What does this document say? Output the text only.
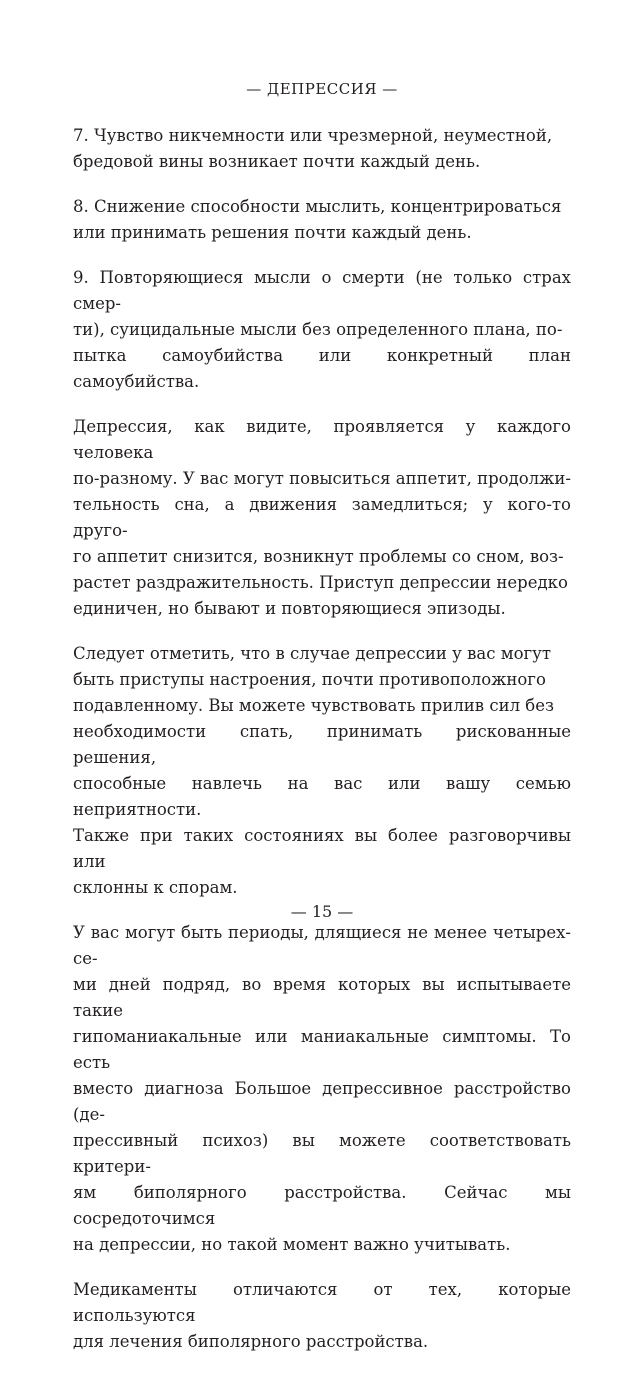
— ДЕПРЕССИЯ —

7. Чувство никчемности или чрезмерной, неуместной,
бредовой вины возникает почти каждый день.

8. Снижение способности мыслить, концентрироваться
или принимать решения почти каждый день.

9. Повторяющиеся мысли о смерти (не только страх смер-
ти), суицидальные мысли без определенного плана, по-
пытка самоубийства или конкретный план самоубийства.

Депрессия, как видите, проявляется у каждого человека
по-разному. У вас могут повыситься аппетит, продолжи-
тельность сна, а движения замедлиться; у кого-то друго-
го аппетит снизится, возникнут проблемы со сном, воз-
растет раздражительность. Приступ депрессии нередко
единичен, но бывают и повторяющиеся эпизоды.

Следует отметить, что в случае депрессии у вас могут
быть приступы настроения, почти противоположного
подавленному. Вы можете чувствовать прилив сил без
необходимости спать, принимать рискованные решения,
способные навлечь на вас или вашу семью неприятности.
Также при таких состояниях вы более разговорчивы или
склонны к спорам.

У вас могут быть периоды, длящиеся не менее четырех-се-
ми дней подряд, во время которых вы испытываете такие
гипоманиакальные или маниакальные симптомы. То есть
вместо диагноза Большое депрессивное расстройство (де-
прессивный психоз) вы можете соответствовать критери-
ям биполярного расстройства. Сейчас мы сосредоточимся
на депрессии, но такой момент важно учитывать.

Медикаменты отличаются от тех, которые используются
для лечения биполярного расстройства.

— 15 —
